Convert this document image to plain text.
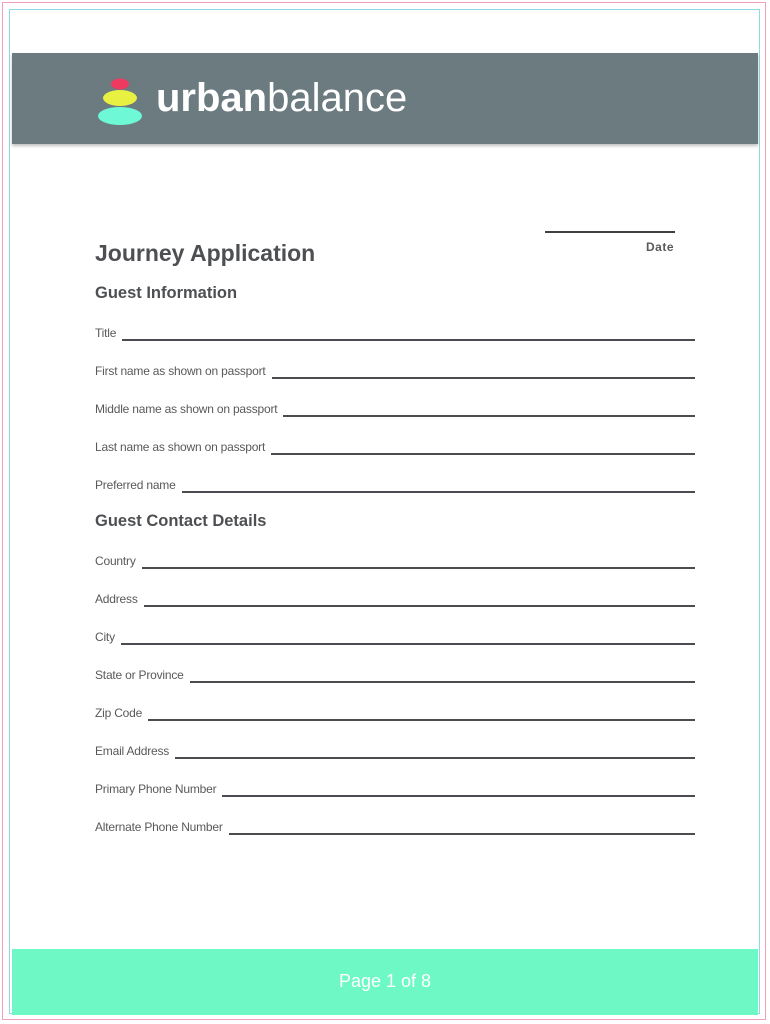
urbanbalance
Date
Journey Application
Guest Information
Title
First name as shown on passport
Middle name as shown on passport
Last name as shown on passport
Preferred name
Guest Contact Details
Country
Address
City
State or Province
Zip Code
Email Address
Primary Phone Number
Alternate Phone Number
Page 1 of 8
